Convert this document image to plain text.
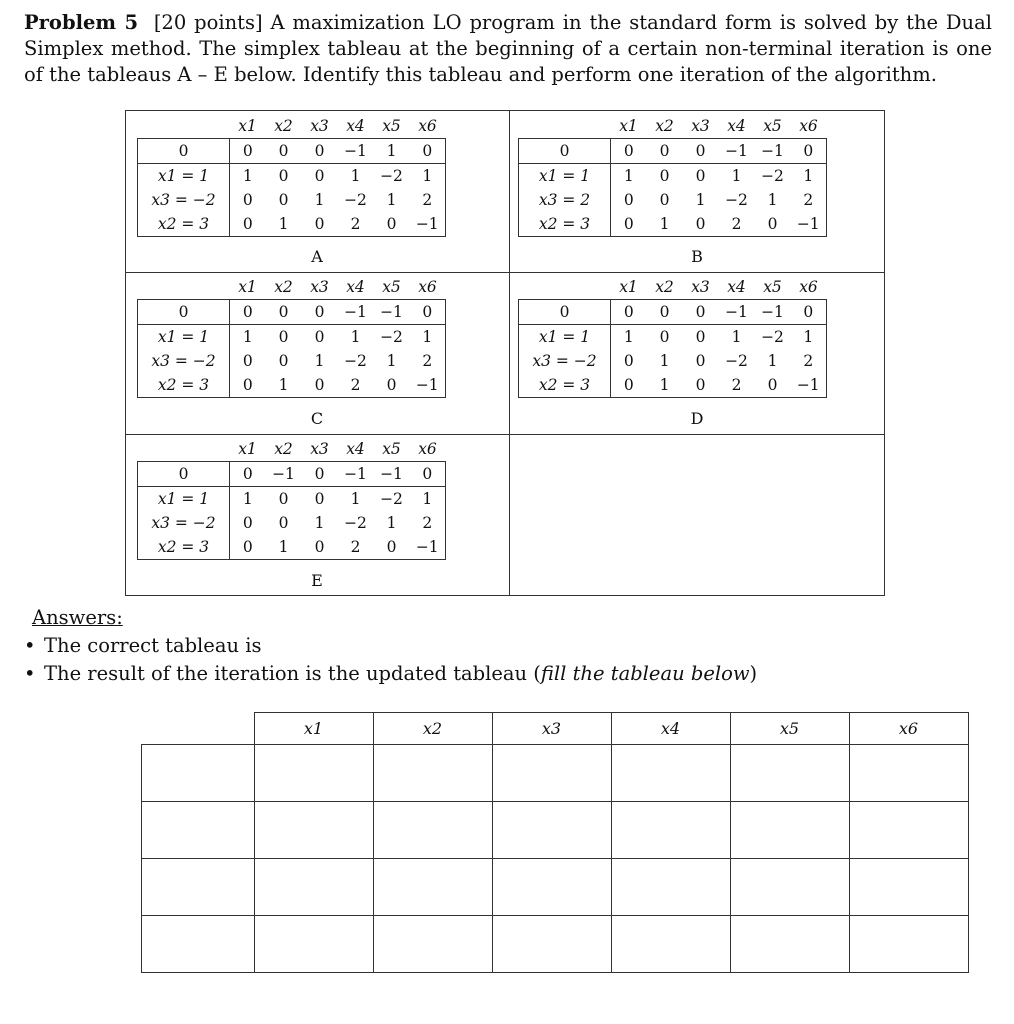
Problem 5 [20 points] A maximization LO program in the standard form is solved by the Dual Simplex method. The simplex tableau at the beginning of a certain non-terminal iteration is one of the tableaus A – E below. Identify this tableau and perform one iteration of the algorithm.
	x1	x2	x3	x4	x5	x6
0	0	0	0	−1	1	0
x1 = 1	1	0	0	1	−2	1
x3 = −2	0	0	1	−2	1	2
x2 = 3	0	1	0	2	0	−1
A
	x1	x2	x3	x4	x5	x6
0	0	0	0	−1	−1	0
x1 = 1	1	0	0	1	−2	1
x3 = 2	0	0	1	−2	1	2
x2 = 3	0	1	0	2	0	−1
B
	x1	x2	x3	x4	x5	x6
0	0	0	0	−1	−1	0
x1 = 1	1	0	0	1	−2	1
x3 = −2	0	0	1	−2	1	2
x2 = 3	0	1	0	2	0	−1
C
	x1	x2	x3	x4	x5	x6
0	0	0	0	−1	−1	0
x1 = 1	1	0	0	1	−2	1
x3 = −2	0	1	0	−2	1	2
x2 = 3	0	1	0	2	0	−1
D
	x1	x2	x3	x4	x5	x6
0	0	−1	0	−1	−1	0
x1 = 1	1	0	0	1	−2	1
x3 = −2	0	0	1	−2	1	2
x2 = 3	0	1	0	2	0	−1
E
Answers:
• The correct tableau is
• The result of the iteration is the updated tableau (fill the tableau below)
	x1	x2	x3	x4	x5	x6
